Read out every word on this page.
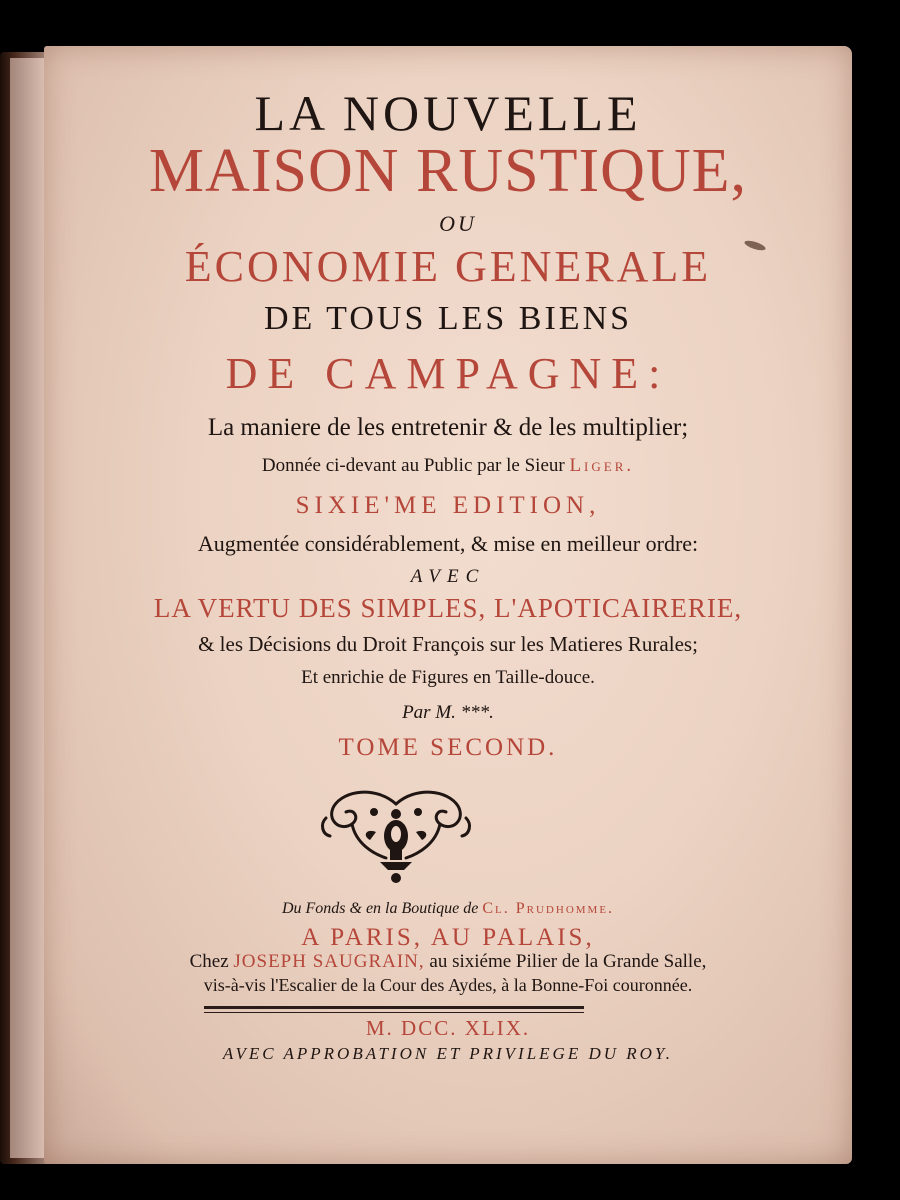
LA NOUVELLE
MAISON RUSTIQUE,
OU
ÉCONOMIE GENERALE
DE TOUS LES BIENS
DE CAMPAGNE:
La maniere de les entretenir & de les multiplier;
Donnée ci-devant au Public par le Sieur Liger.
SIXIE'ME EDITION,
Augmentée considérablement, & mise en meilleur ordre:
AVEC
LA VERTU DES SIMPLES, L'APOTICAIRERIE,
& les Décisions du Droit François sur les Matieres Rurales;
Et enrichie de Figures en Taille-douce.
Par M. ***.
TOME SECOND.
Du Fonds & en la Boutique de Cl. Prudhomme.
A PARIS, AU PALAIS,
Chez JOSEPH SAUGRAIN, au sixiéme Pilier de la Grande Salle,
vis-à-vis l'Escalier de la Cour des Aydes, à la Bonne-Foi couronnée.
M. DCC. XLIX.
AVEC APPROBATION ET PRIVILEGE DU ROY.
